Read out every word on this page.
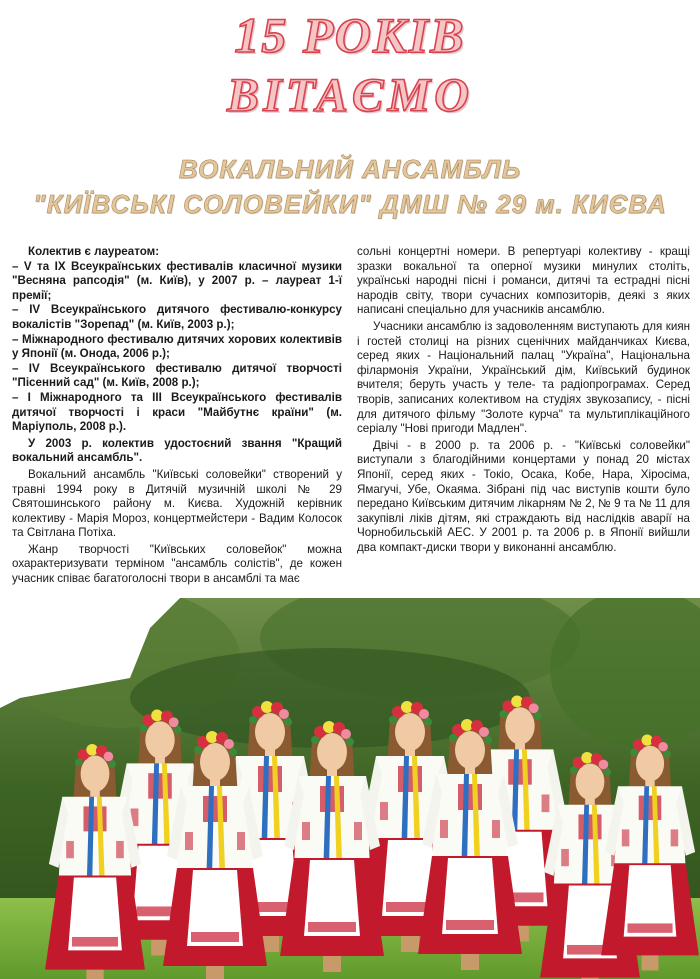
15 РОКІВ
ВІТАЄМО
ВОКАЛЬНИЙ АНСАМБЛЬ
"КИЇВСЬКІ СОЛОВЕЙКИ" ДМШ № 29 м. КИЄВА

Колектив є лауреатом:

– V та ІХ Всеукраїнських фестивалів класичної музики "Весняна рапсодія" (м. Київ), у 2007 р. – лауреат 1-ї премії;

– IV Всеукраїнського дитячого фестивалю-конкурсу вокалістів "Зорепад" (м. Київ, 2003 р.);

– Міжнародного фестивалю дитячих хорових колективів у Японії (м. Онода, 2006 р.);

– IV Всеукраїнського фестивалю дитячої творчості "Пісенний сад" (м. Київ, 2008 р.);

– І Міжнародного та ІІІ Всеукраїнського фестивалів дитячої творчості і краси "Майбутнє країни" (м. Маріуполь, 2008 р.).

У 2003 р. колектив удостоєний звання "Кращий вокальний ансамбль".

Вокальний ансамбль "Київські соловейки" створений у травні 1994 року в Дитячій музичній школі № 29 Святошинського району м. Києва. Художній керівник колективу - Марія Мороз, концертмейстери - Вадим Колосок та Світлана Потіха.

Жанр творчості "Київських соловейок" можна охарактеризувати терміном "ансамбль солістів", де кожен учасник співає багатоголосні твори в ансамблі та має

сольні концертні номери. В репертуарі колективу - кращі зразки вокальної та оперної музики минулих століть, українські народні пісні і романси, дитячі та естрадні пісні народів світу, твори сучасних композиторів, деякі з яких написані спеціально для учасників ансамблю.

Учасники ансамблю із задоволенням виступають для киян і гостей столиці на різних сценічних майданчиках Києва, серед яких - Національний палац "Україна", Національна філармонія України, Український дім, Київський будинок вчителя; беруть участь у теле- та радіопрограмах. Серед творів, записаних колективом на студіях звукозапису, - пісні для дитячого фільму "Золоте курча" та мультиплікаційного серіалу "Нові пригоди Мадлен".

Двічі - в 2000 р. та 2006 р. - "Київські соловейки" виступали з благодійними концертами у понад 20 містах Японії, серед яких - Токіо, Осака, Кобе, Нара, Хіросіма, Ямагучі, Убе, Окаяма. Зібрані під час виступів кошти було передано Київським дитячим лікарням № 2, № 9 та № 11 для закупівлі ліків дітям, які страждають від наслідків аварії на Чорнобильській АЕС. У 2001 р. та 2006 р. в Японії вийшли два компакт-диски твори у виконанні ансамблю.
